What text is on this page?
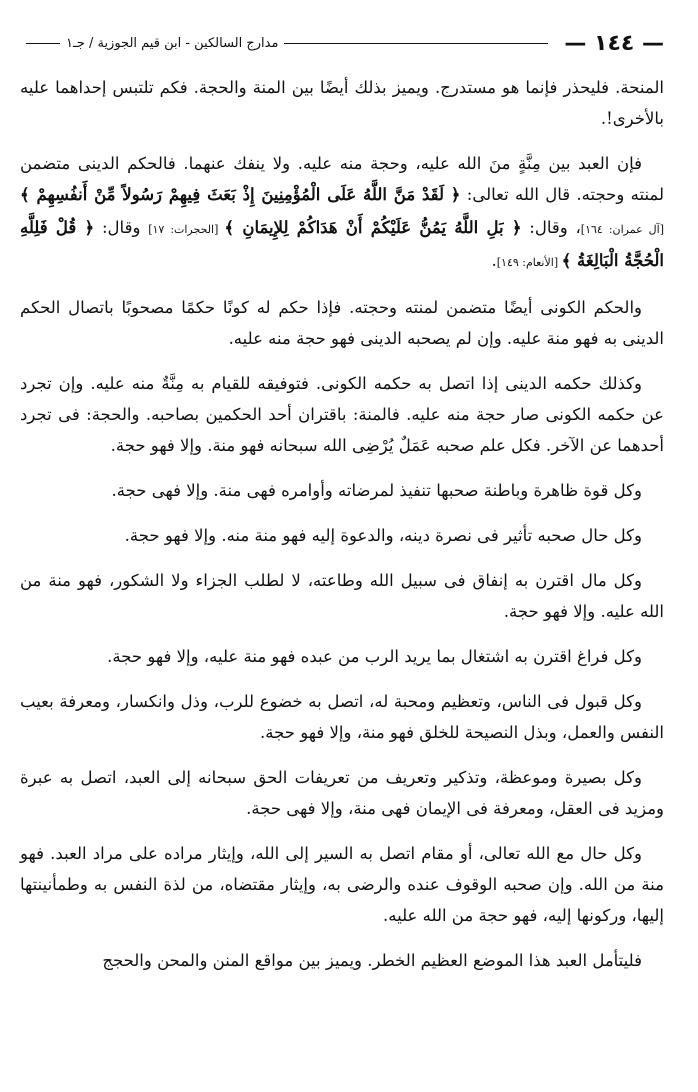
— ١٤٤ —
مدارج السالكين - ابن قيم الجوزية / جـ١

المنحة. فليحذر فإنما هو مستدرج. ويميز بذلك أيضًا بين المنة والحجة. فكم تلتبس إحداهما عليه بالأخرى!.

فإن العبد بين مِنَّةٍ منَ الله عليه، وحجة منه عليه. ولا ينفك عنهما. فالحكم الدينى متضمن لمنته وحجته. قال الله تعالى: ﴿ لَقَدْ مَنَّ اللَّهُ عَلَى الْمُؤْمِنِينَ إِذْ بَعَثَ فِيهِمْ رَسُولاً مِّنْ أَنفُسِهِمْ ﴾ [آل عمران: ١٦٤]، وقال: ﴿ بَلِ اللَّهُ يَمُنُّ عَلَيْكُمْ أَنْ هَدَاكُمْ لِلإِيمَانِ ﴾ [الحجرات: ١٧] وقال: ﴿ قُلْ فَلِلَّهِ الْحُجَّةُ الْبَالِغَةُ ﴾ [الأنعام: ١٤٩].

والحكم الكونى أيضًا متضمن لمنته وحجته. فإذا حكم له كونًا حكمًا مصحوبًا باتصال الحكم الدينى به فهو منة عليه. وإن لم يصحبه الدينى فهو حجة منه عليه.

وكذلك حكمه الدينى إذا اتصل به حكمه الكونى. فتوفيقه للقيام به مِنَّةٌ منه عليه. وإن تجرد عن حكمه الكونى صار حجة منه عليه. فالمنة: باقتران أحد الحكمين بصاحبه. والحجة: فى تجرد أحدهما عن الآخر. فكل علم صحبه عَمَلٌ يُرْضِى الله سبحانه فهو منة. وإلا فهو حجة.

وكل قوة ظاهرة وباطنة صحبها تنفيذ لمرضاته وأوامره فهى منة. وإلا فهى حجة.

وكل حال صحبه تأثير فى نصرة دينه، والدعوة إليه فهو منة منه. وإلا فهو حجة.

وكل مال اقترن به إنفاق فى سبيل الله وطاعته، لا لطلب الجزاء ولا الشكور، فهو منة من الله عليه. وإلا فهو حجة.

وكل فراغ اقترن به اشتغال بما يريد الرب من عبده فهو منة عليه، وإلا فهو حجة.

وكل قبول فى الناس، وتعظيم ومحبة له، اتصل به خضوع للرب، وذل وانكسار، ومعرفة بعيب النفس والعمل، وبذل النصيحة للخلق فهو منة، وإلا فهو حجة.

وكل بصيرة وموعظة، وتذكير وتعريف من تعريفات الحق سبحانه إلى العبد، اتصل به عبرة ومزيد فى العقل، ومعرفة فى الإيمان فهى منة، وإلا فهى حجة.

وكل حال مع الله تعالى، أو مقام اتصل به السير إلى الله، وإيثار مراده على مراد العبد. فهو منة من الله. وإن صحبه الوقوف عنده والرضى به، وإيثار مقتضاه، من لذة النفس به وطمأنينتها إليها، وركونها إليه، فهو حجة من الله عليه.

فليتأمل العبد هذا الموضع العظيم الخطر. ويميز بين مواقع المنن والمحن والحجج
